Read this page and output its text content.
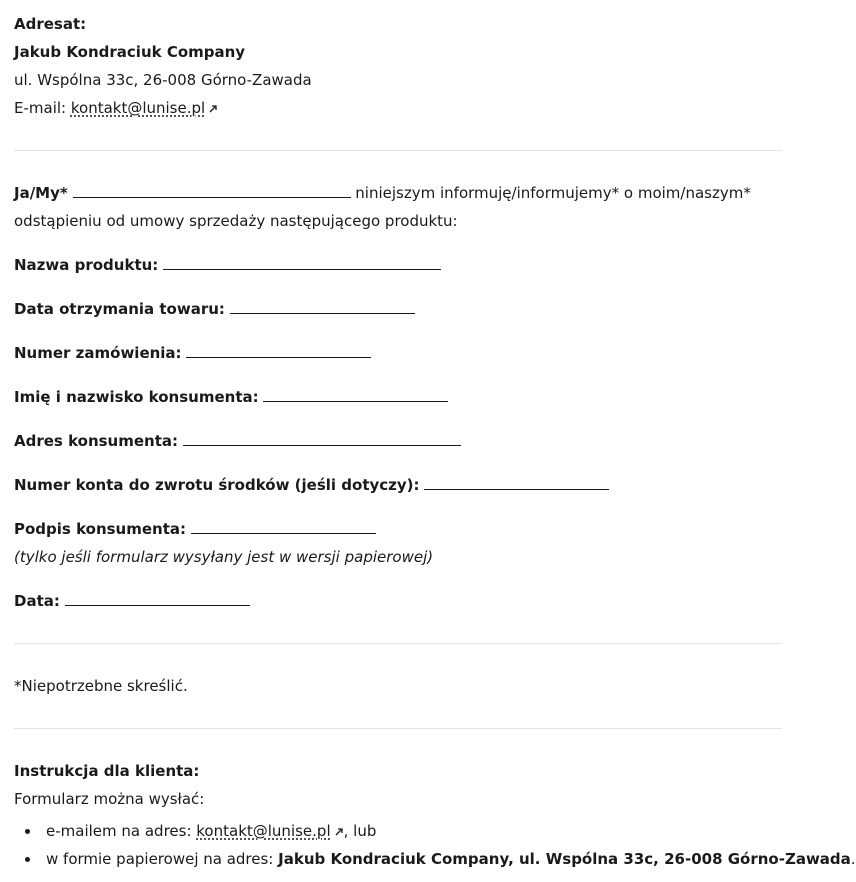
Adresat:
Jakub Kondraciuk Company
ul. Wspólna 33c, 26-008 Górno-Zawada
E-mail: kontakt@lunise.pl
Ja/My*	niniejszym informuję/informujemy* o moim/naszym*
odstąpieniu od umowy sprzedaży następującego produktu:
Nazwa produktu:
Data otrzymania towaru:
Numer zamówienia:
Imię i nazwisko konsumenta:
Adres konsumenta:
Numer konta do zwrotu środków (jeśli dotyczy):
Podpis konsumenta:
(tylko jeśli formularz wysyłany jest w wersji papierowej)
Data:
*Niepotrzebne skreślić.
Instrukcja dla klienta:
Formularz można wysłać:
e-mailem na adres: kontakt@lunise.pl , lub
w formie papierowej na adres: Jakub Kondraciuk Company, ul. Wspólna 33c, 26-008 Górno-Zawada.
